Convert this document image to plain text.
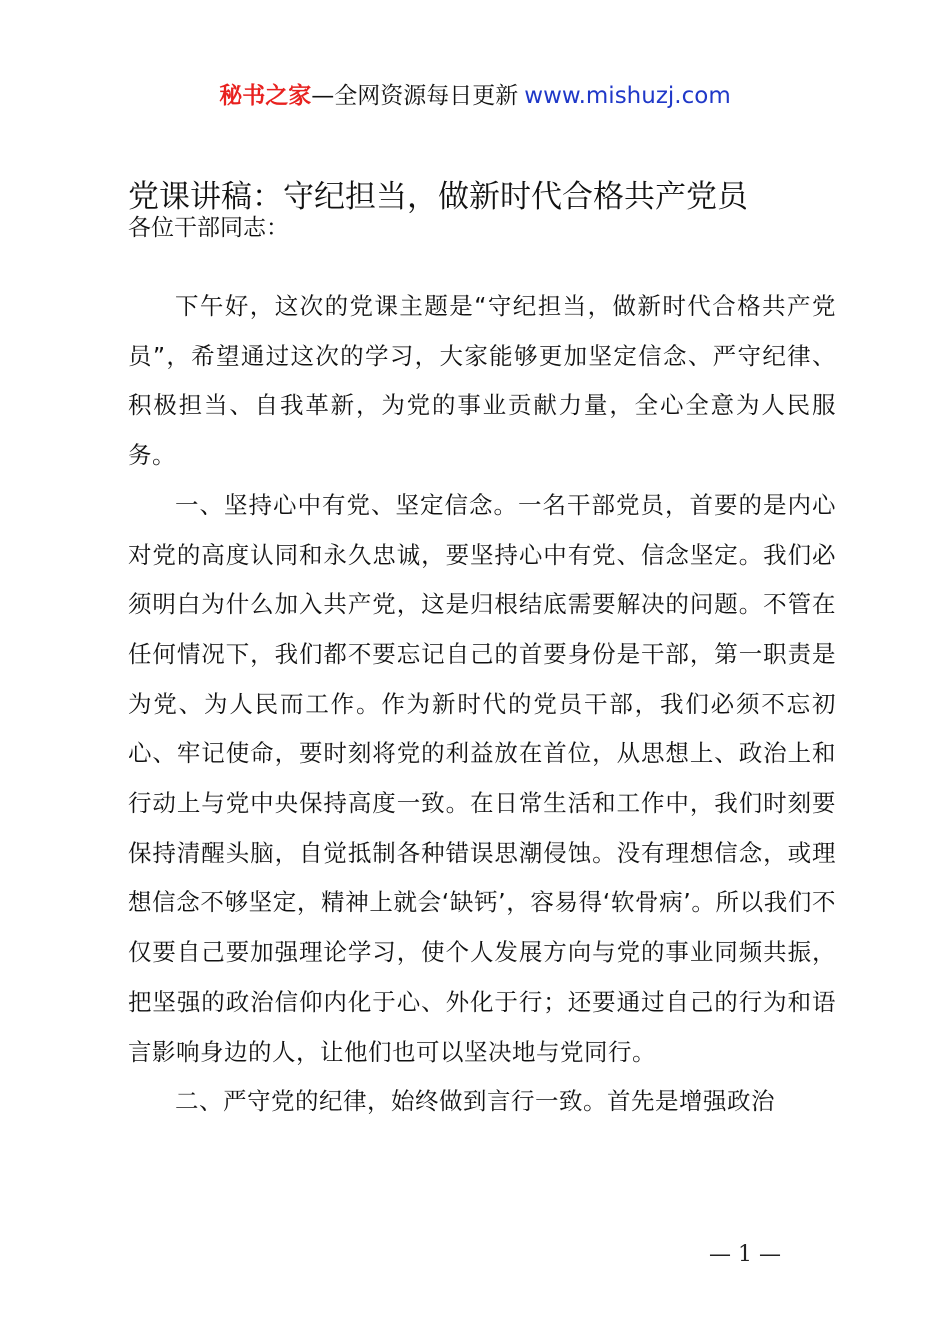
秘书之家—全网资源每日更新 www.mishuzj.com
党课讲稿：守纪担当，做新时代合格共产党员
各位干部同志：

下午好，这次的党课主题是“守纪担当，做新时代合格共产党员”，希望通过这次的学习，大家能够更加坚定信念、严守纪律、积极担当、自我革新，为党的事业贡献力量，全心全意为人民服务。

一、坚持心中有党、坚定信念。一名干部党员，首要的是内心对党的高度认同和永久忠诚，要坚持心中有党、信念坚定。我们必须明白为什么加入共产党，这是归根结底需要解决的问题。不管在任何情况下，我们都不要忘记自己的首要身份是干部，第一职责是为党、为人民而工作。作为新时代的党员干部，我们必须不忘初心、牢记使命，要时刻将党的利益放在首位，从思想上、政治上和行动上与党中央保持高度一致。在日常生活和工作中，我们时刻要保持清醒头脑，自觉抵制各种错误思潮侵蚀。没有理想信念，或理想信念不够坚定，精神上就会‘缺钙’，容易得‘软骨病’。所以我们不仅要自己要加强理论学习，使个人发展方向与党的事业同频共振，把坚强的政治信仰内化于心、外化于行；还要通过自己的行为和语言影响身边的人，让他们也可以坚决地与党同行。

二、严守党的纪律，始终做到言行一致。首先是增强政治

— 1 —
